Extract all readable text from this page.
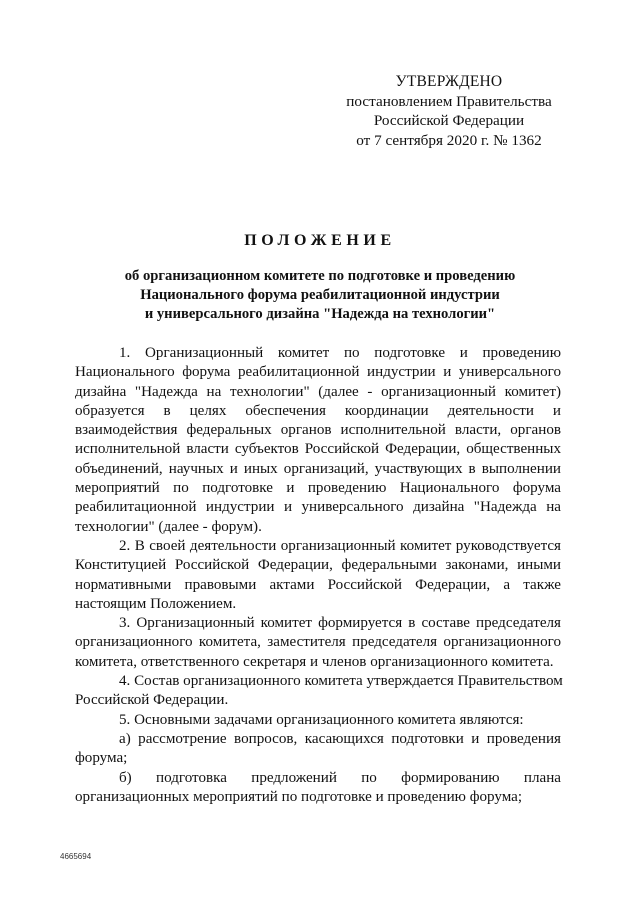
УТВЕРЖДЕНО
постановлением Правительства
Российской Федерации
от 7 сентября 2020 г. № 1362
ПОЛОЖЕНИЕ
об организационном комитете по подготовке и проведению
Национального форума реабилитационной индустрии
и универсального дизайна "Надежда на технологии"

1. Организационный комитет по подготовке и проведению
Национального форума реабилитационной индустрии и универсального
дизайна "Надежда на технологии" (далее - организационный комитет)
образуется в целях обеспечения координации деятельности и
взаимодействия федеральных органов исполнительной власти, органов
исполнительной власти субъектов Российской Федерации, общественных
объединений, научных и иных организаций, участвующих в выполнении
мероприятий по подготовке и проведению Национального форума
реабилитационной индустрии и универсального дизайна "Надежда на
технологии" (далее - форум).

2. В своей деятельности организационный комитет руководствуется
Конституцией Российской Федерации, федеральными законами, иными
нормативными правовыми актами Российской Федерации, а также
настоящим Положением.

3. Организационный комитет формируется в составе председателя
организационного комитета, заместителя председателя организационного
комитета, ответственного секретаря и членов организационного комитета.

4. Состав организационного комитета утверждается Правительством
Российской Федерации.

5. Основными задачами организационного комитета являются:

а) рассмотрение вопросов, касающихся подготовки и проведения
форума;

б) подготовка предложений по формированию плана
организационных мероприятий по подготовке и проведению форума;

4665694
